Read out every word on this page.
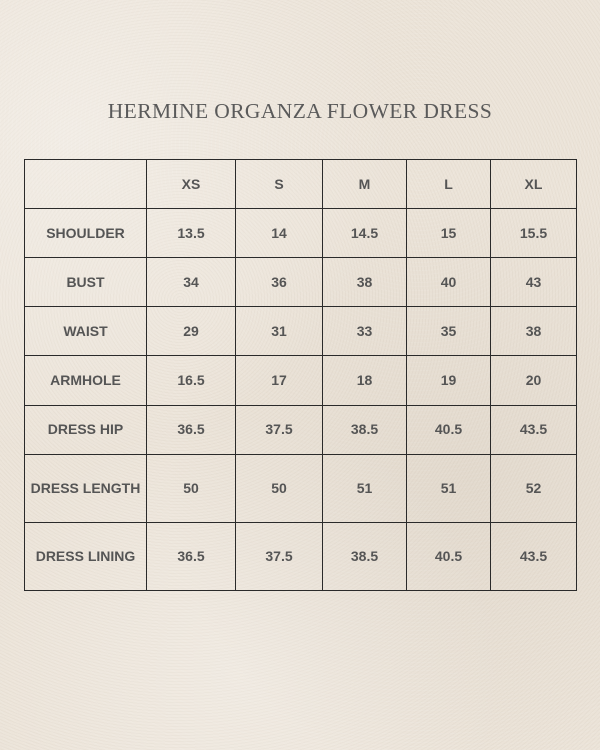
HERMINE ORGANZA FLOWER DRESS
	XS	S	M	L	XL
SHOULDER	13.5	14	14.5	15	15.5
BUST	34	36	38	40	43
WAIST	29	31	33	35	38
ARMHOLE	16.5	17	18	19	20
DRESS HIP	36.5	37.5	38.5	40.5	43.5
DRESS LENGTH	50	50	51	51	52
DRESS LINING	36.5	37.5	38.5	40.5	43.5
